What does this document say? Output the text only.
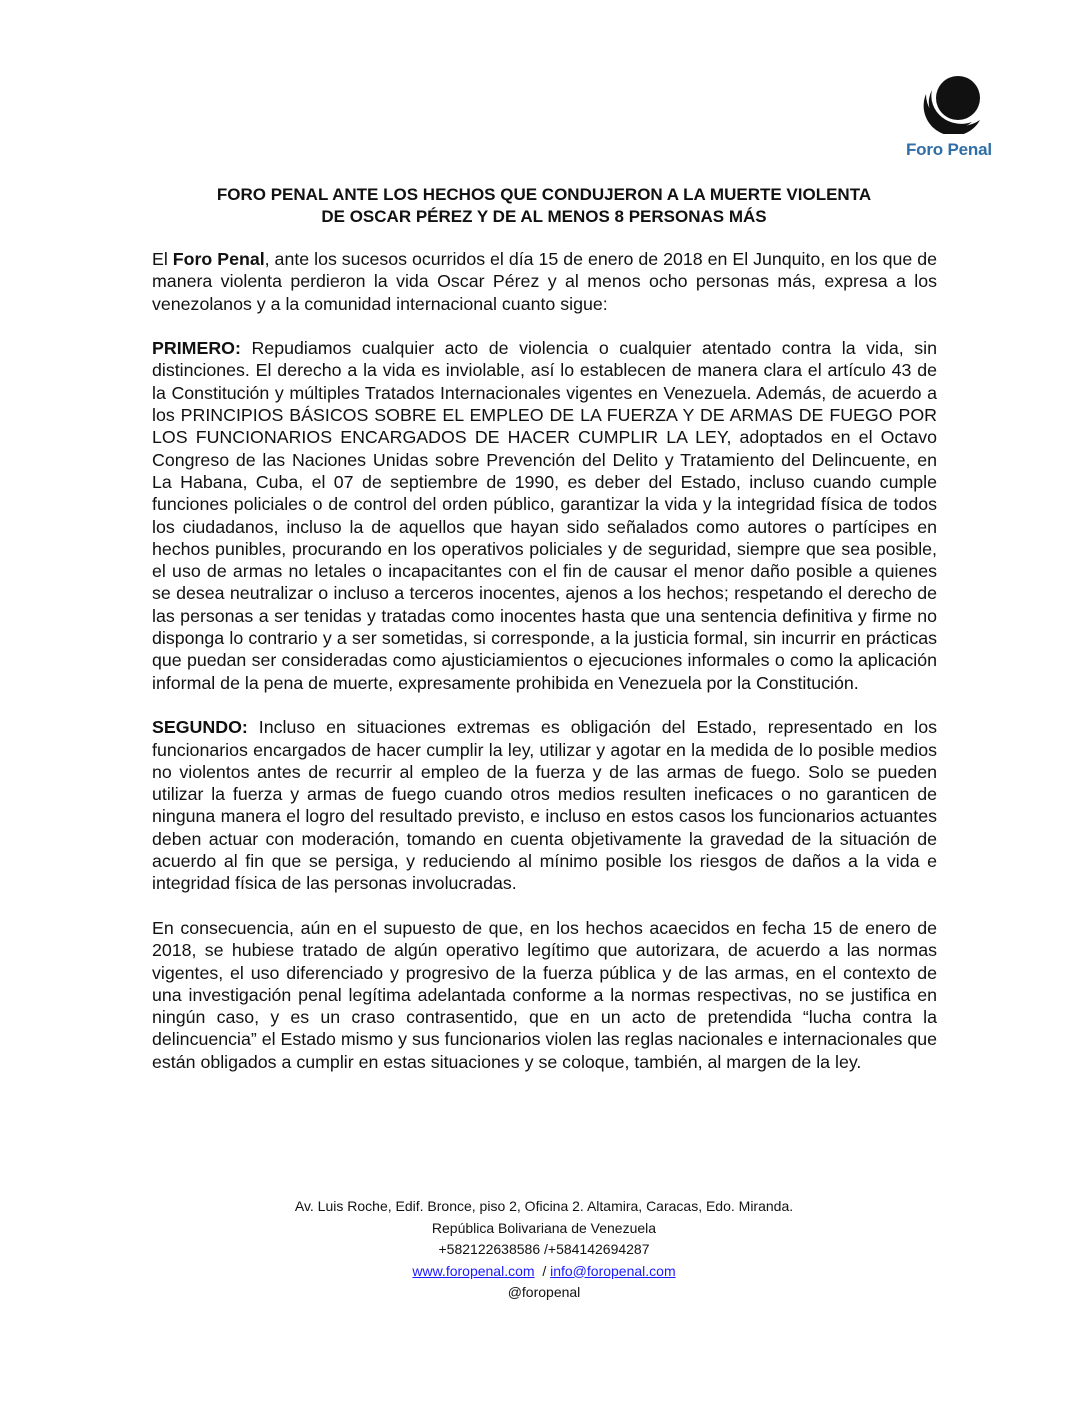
Foro Penal
FORO PENAL ANTE LOS HECHOS QUE CONDUJERON A LA MUERTE VIOLENTA
DE OSCAR PÉREZ Y DE AL MENOS 8 PERSONAS MÁS

El Foro Penal, ante los sucesos ocurridos el día 15 de enero de 2018 en El Junquito, en los que de manera violenta perdieron la vida Oscar Pérez y al menos ocho personas más, expresa a los venezolanos y a la comunidad internacional cuanto sigue:

PRIMERO: Repudiamos cualquier acto de violencia o cualquier atentado contra la vida, sin distinciones. El derecho a la vida es inviolable, así lo establecen de manera clara el artículo 43 de la Constitución y múltiples Tratados Internacionales vigentes en Venezuela. Además, de acuerdo a los PRINCIPIOS BÁSICOS SOBRE EL EMPLEO DE LA FUERZA Y DE ARMAS DE FUEGO POR LOS FUNCIONARIOS ENCARGADOS DE HACER CUMPLIR LA LEY, adoptados en el Octavo Congreso de las Naciones Unidas sobre Prevención del Delito y Tratamiento del Delincuente, en La Habana, Cuba, el 07 de septiembre de 1990, es deber del Estado, incluso cuando cumple funciones policiales o de control del orden público, garantizar la vida y la integridad física de todos los ciudadanos, incluso la de aquellos que hayan sido señalados como autores o partícipes en hechos punibles, procurando en los operativos policiales y de seguridad, siempre que sea posible, el uso de armas no letales o incapacitantes con el fin de causar el menor daño posible a quienes se desea neutralizar o incluso a terceros inocentes, ajenos a los hechos; respetando el derecho de las personas a ser tenidas y tratadas como inocentes hasta que una sentencia definitiva y firme no disponga lo contrario y a ser sometidas, si corresponde, a la justicia formal, sin incurrir en prácticas que puedan ser consideradas como ajusticiamientos o ejecuciones informales o como la aplicación informal de la pena de muerte, expresamente prohibida en Venezuela por la Constitución.

SEGUNDO: Incluso en situaciones extremas es obligación del Estado, representado en los funcionarios encargados de hacer cumplir la ley, utilizar y agotar en la medida de lo posible medios no violentos antes de recurrir al empleo de la fuerza y de las armas de fuego. Solo se pueden utilizar la fuerza y armas de fuego cuando otros medios resulten ineficaces o no garanticen de ninguna manera el logro del resultado previsto, e incluso en estos casos los funcionarios actuantes deben actuar con moderación, tomando en cuenta objetivamente la gravedad de la situación de acuerdo al fin que se persiga, y reduciendo al mínimo posible los riesgos de daños a la vida e integridad física de las personas involucradas.

En consecuencia, aún en el supuesto de que, en los hechos acaecidos en fecha 15 de enero de 2018, se hubiese tratado de algún operativo legítimo que autorizara, de acuerdo a las normas vigentes, el uso diferenciado y progresivo de la fuerza pública y de las armas, en el contexto de una investigación penal legítima adelantada conforme a la normas respectivas, no se justifica en ningún caso, y es un craso contrasentido, que en un acto de pretendida “lucha contra la delincuencia” el Estado mismo y sus funcionarios violen las reglas nacionales e internacionales que están obligados a cumplir en estas situaciones y se coloque, también, al margen de la ley.

Av. Luis Roche, Edif. Bronce, piso 2, Oficina 2. Altamira, Caracas, Edo. Miranda.
República Bolivariana de Venezuela
+582122638586 /+584142694287
www.foropenal.com  / info@foropenal.com
@foropenal
